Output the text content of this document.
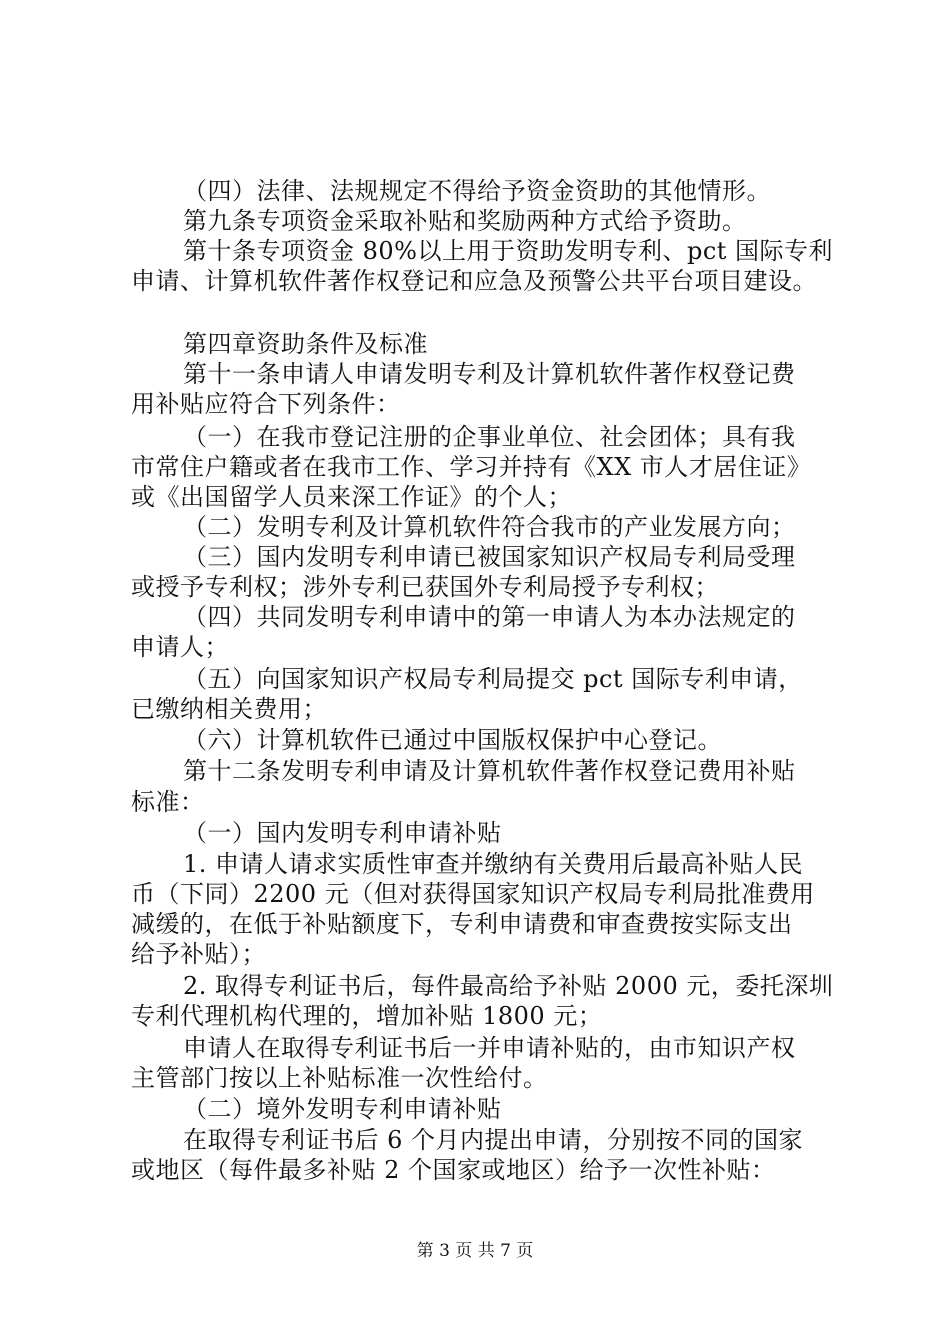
（四）法律、法规规定不得给予资金资助的其他情形。
第九条专项资金采取补贴和奖励两种方式给予资助。
第十条专项资金 80%以上用于资助发明专利、pct 国际专利
申请、计算机软件著作权登记和应急及预警公共平台项目建设。
第四章资助条件及标准
第十一条申请人申请发明专利及计算机软件著作权登记费
用补贴应符合下列条件：
（一）在我市登记注册的企事业单位、社会团体；具有我
市常住户籍或者在我市工作、学习并持有《XX 市人才居住证》
或《出国留学人员来深工作证》的个人；
（二）发明专利及计算机软件符合我市的产业发展方向；
（三）国内发明专利申请已被国家知识产权局专利局受理
或授予专利权；涉外专利已获国外专利局授予专利权；
（四）共同发明专利申请中的第一申请人为本办法规定的
申请人；
（五）向国家知识产权局专利局提交 pct 国际专利申请，
已缴纳相关费用；
（六）计算机软件已通过中国版权保护中心登记。
第十二条发明专利申请及计算机软件著作权登记费用补贴
标准：
（一）国内发明专利申请补贴
1. 申请人请求实质性审查并缴纳有关费用后最高补贴人民
币（下同）2200 元（但对获得国家知识产权局专利局批准费用
减缓的，在低于补贴额度下，专利申请费和审查费按实际支出
给予补贴）；
2. 取得专利证书后，每件最高给予补贴 2000 元，委托深圳
专利代理机构代理的，增加补贴 1800 元；
申请人在取得专利证书后一并申请补贴的，由市知识产权
主管部门按以上补贴标准一次性给付。
（二）境外发明专利申请补贴
在取得专利证书后 6 个月内提出申请，分别按不同的国家
或地区（每件最多补贴 2 个国家或地区）给予一次性补贴：
第 3 页 共 7 页
